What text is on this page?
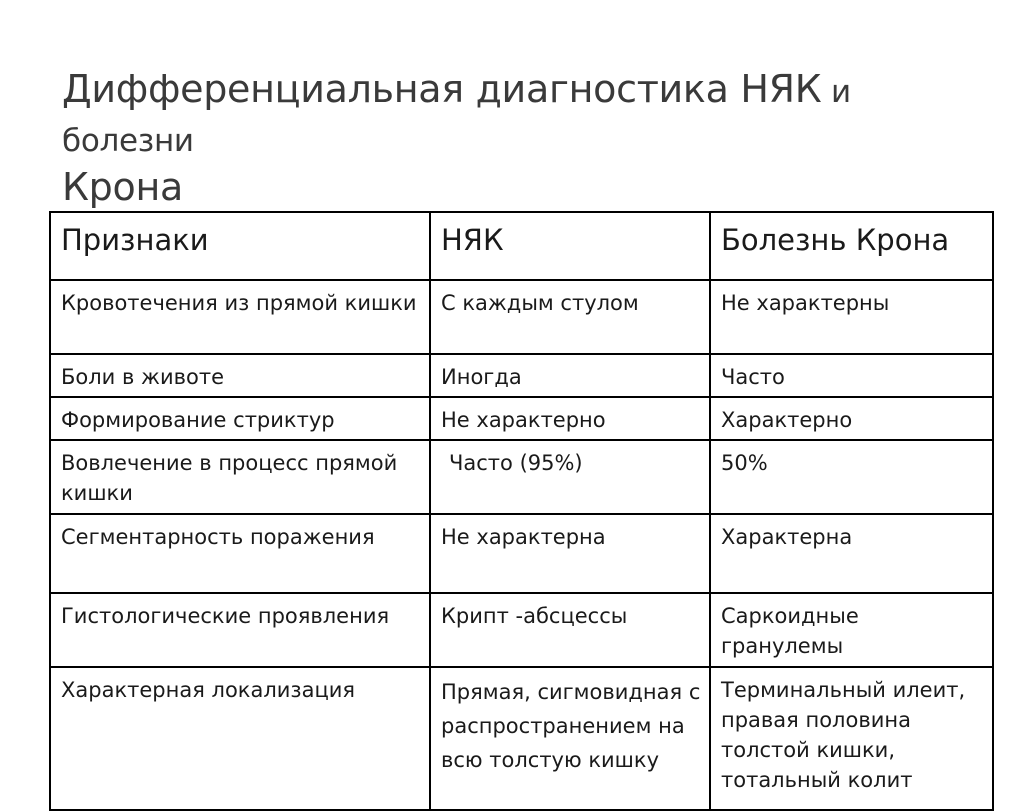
Дифференциальная диагностика НЯК и болезни
Крона
Признаки	НЯК	Болезнь Крона
Кровотечения из прямой кишки	С каждым стулом	Не характерны
Боли в животе	Иногда	Часто
Формирование стриктур	Не характерно	Характерно
Вовлечение в процесс прямой кишки	Часто (95%)	50%
Сегментарность поражения	Не характерна	Характерна
Гистологические проявления	Крипт -абсцессы	Саркоидные гранулемы
Характерная локализация	Прямая, сигмовидная с распространением на всю толстую кишку	Терминальный илеит, правая половина толстой кишки, тотальный колит
